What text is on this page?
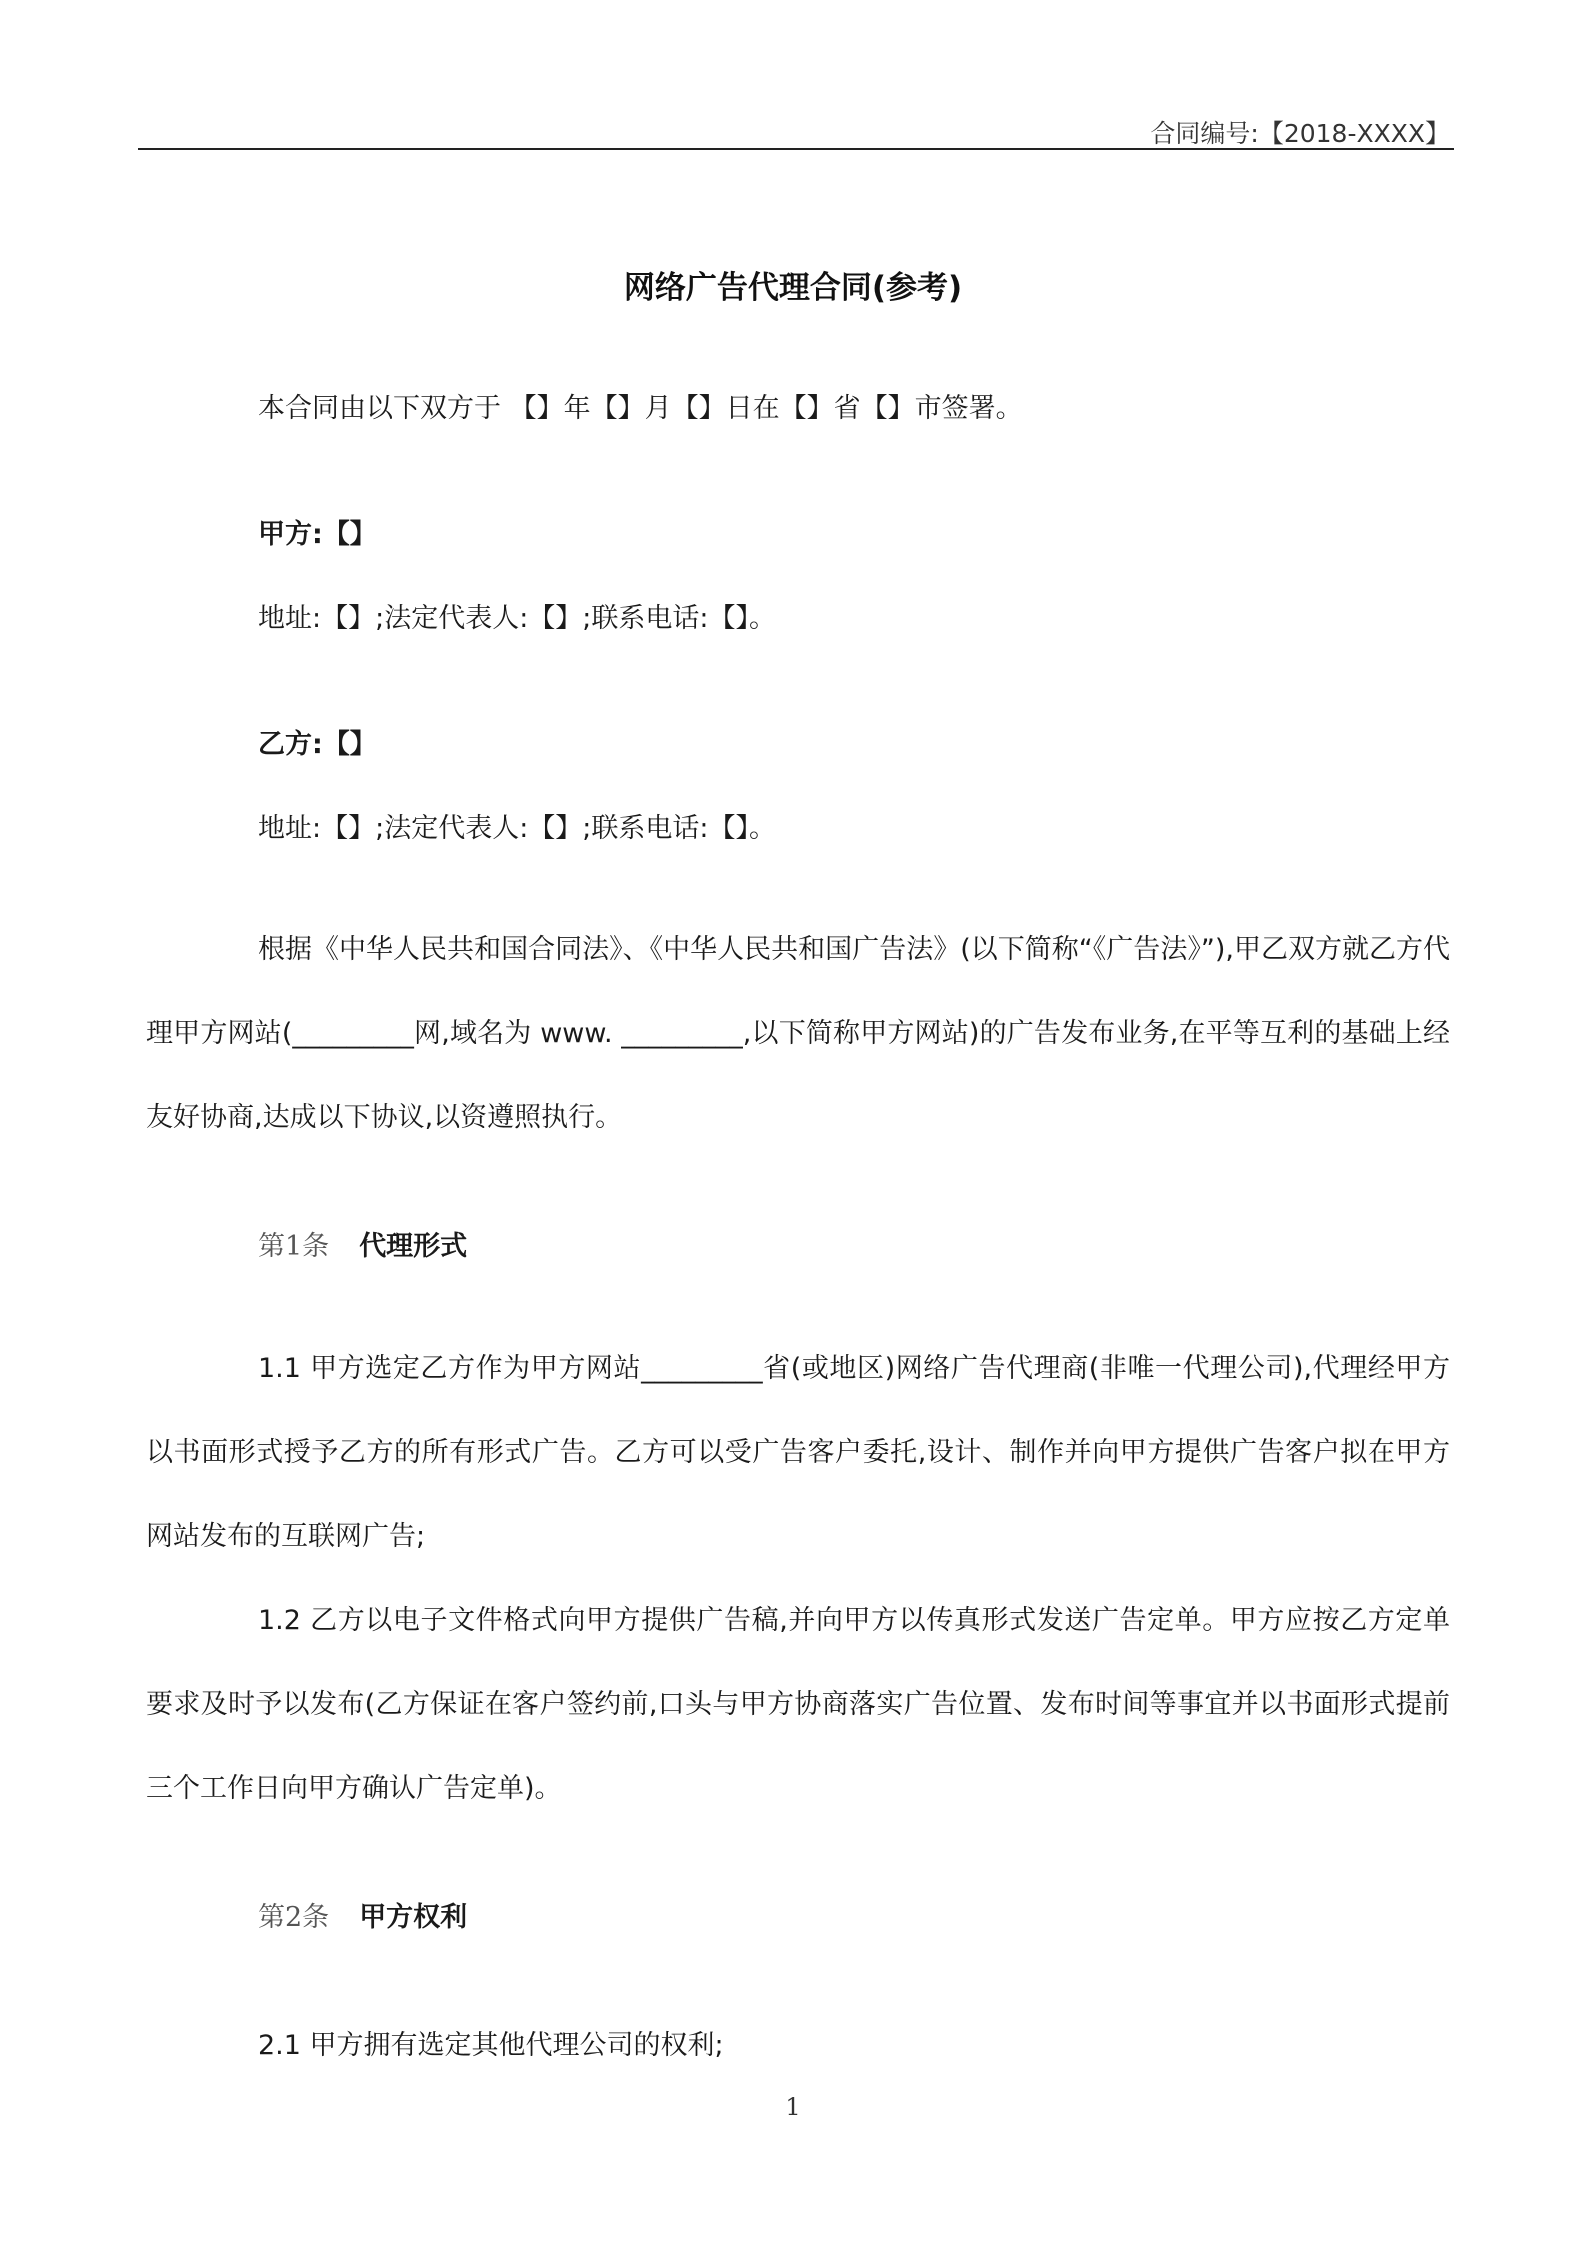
合同编号:【2018-XXXX】
网络广告代理合同(参考)
本合同由以下双方于 【】年【】月【】日在【】省【】市签署。
甲方:【】
地址:【】;法定代表人:【】;联系电话:【】。
乙方:【】
地址:【】;法定代表人:【】;联系电话:【】。
根据《中华人民共和国合同法》、《中华人民共和国广告法》(以下简称“《广告法》”),甲乙双方就乙方代理甲方网站(_________网,域名为 www. _________,以下简称甲方网站)的广告发布业务,在平等互利的基础上经友好协商,达成以下协议,以资遵照执行。
第1条 代理形式
1.1 甲方选定乙方作为甲方网站_________省(或地区)网络广告代理商(非唯一代理公司),代理经甲方以书面形式授予乙方的所有形式广告。乙方可以受广告客户委托,设计、制作并向甲方提供广告客户拟在甲方网站发布的互联网广告;
1.2 乙方以电子文件格式向甲方提供广告稿,并向甲方以传真形式发送广告定单。甲方应按乙方定单要求及时予以发布(乙方保证在客户签约前,口头与甲方协商落实广告位置、发布时间等事宜并以书面形式提前三个工作日向甲方确认广告定单)。
第2条 甲方权利
2.1 甲方拥有选定其他代理公司的权利;
1
